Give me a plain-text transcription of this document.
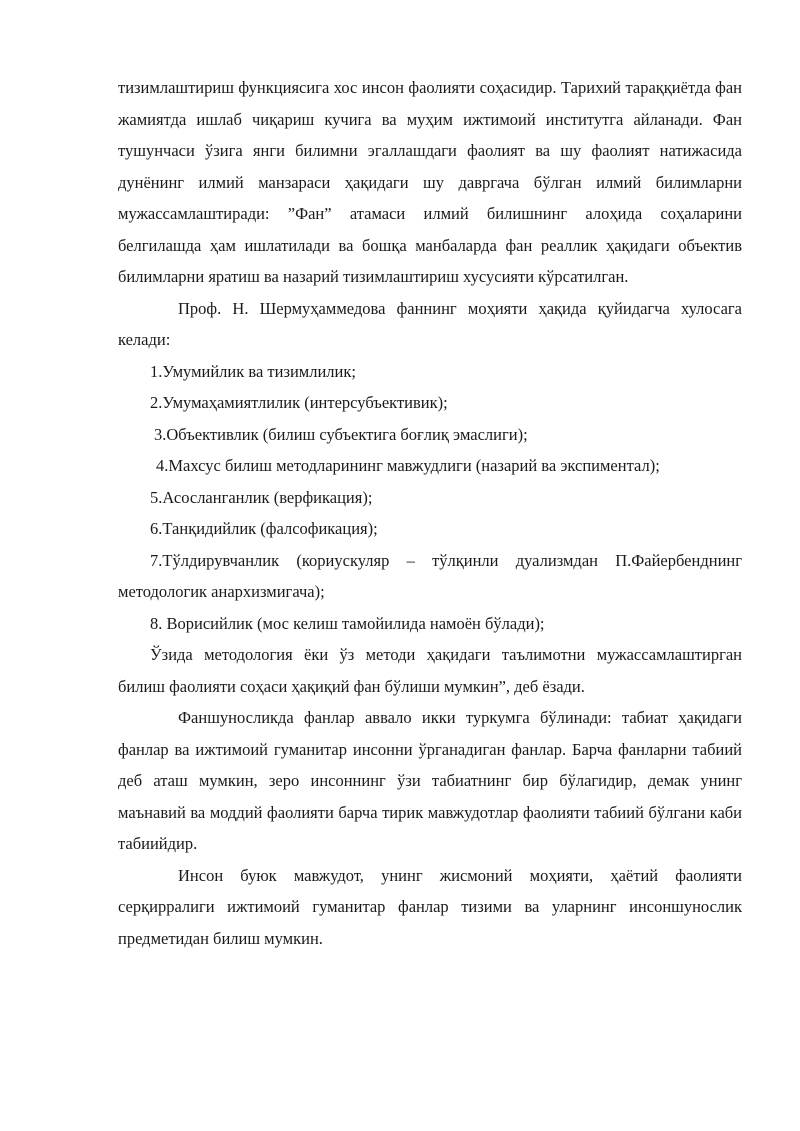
тизимлаштириш функциясига хос инсон фаолияти соҳасидир. Тарихий тараққиётда фан жамиятда ишлаб чиқариш кучига ва муҳим ижтимоий институтга айланади. Фан тушунчаси ўзига янги билимни эгаллашдаги фаолият ва шу фаолият натижасида дунёнинг илмий манзараси ҳақидаги шу давргача бўлган илмий билимларни мужассамлаштиради: ”Фан” атамаси илмий билишнинг алоҳида соҳаларини белгилашда ҳам ишлатилади ва бошқа манбаларда фан реаллик ҳақидаги объектив билимларни яратиш ва назарий тизимлаштириш хусусияти кўрсатилган.

Проф. Н. Шермуҳаммедова фаннинг моҳияти ҳақида қуйидагча хулосага келади:

1.Умумийлик ва тизимлилик;

2.Умумаҳамиятлилик (интерсубъективик);

3.Объективлик (билиш субъектига боғлиқ эмаслиги);

4.Махсус билиш методларининг мавжудлиги (назарий ва экспиментал);

5.Асосланганлик (верфикация);

6.Танқидийлик (фалсофикация);

7.Тўлдирувчанлик (кориускуляр – тўлқинли дуализмдан П.Файербенднинг методологик анархизмигача);

8. Ворисийлик (мос келиш тамойилида намоён бўлади);

Ўзида методология ёки ўз методи ҳақидаги таълимотни мужассамлаштирган билиш фаолияти соҳаси ҳақиқий фан бўлиши мумкин”, деб ёзади.

Фаншуносликда фанлар аввало икки туркумга бўлинади: табиат ҳақидаги фанлар ва ижтимоий гуманитар инсонни ўрганадиган фанлар. Барча фанларни табиий деб аташ мумкин, зеро инсоннинг ўзи табиатнинг бир бўлагидир, демак унинг маънавий ва моддий фаолияти барча тирик мавжудотлар фаолияти табиий бўлгани каби табиийдир.

Инсон буюк мавжудот, унинг жисмоний моҳияти, ҳаётий фаолияти серқирралиги ижтимоий гуманитар фанлар тизими ва уларнинг инсоншунослик предметидан билиш мумкин.
